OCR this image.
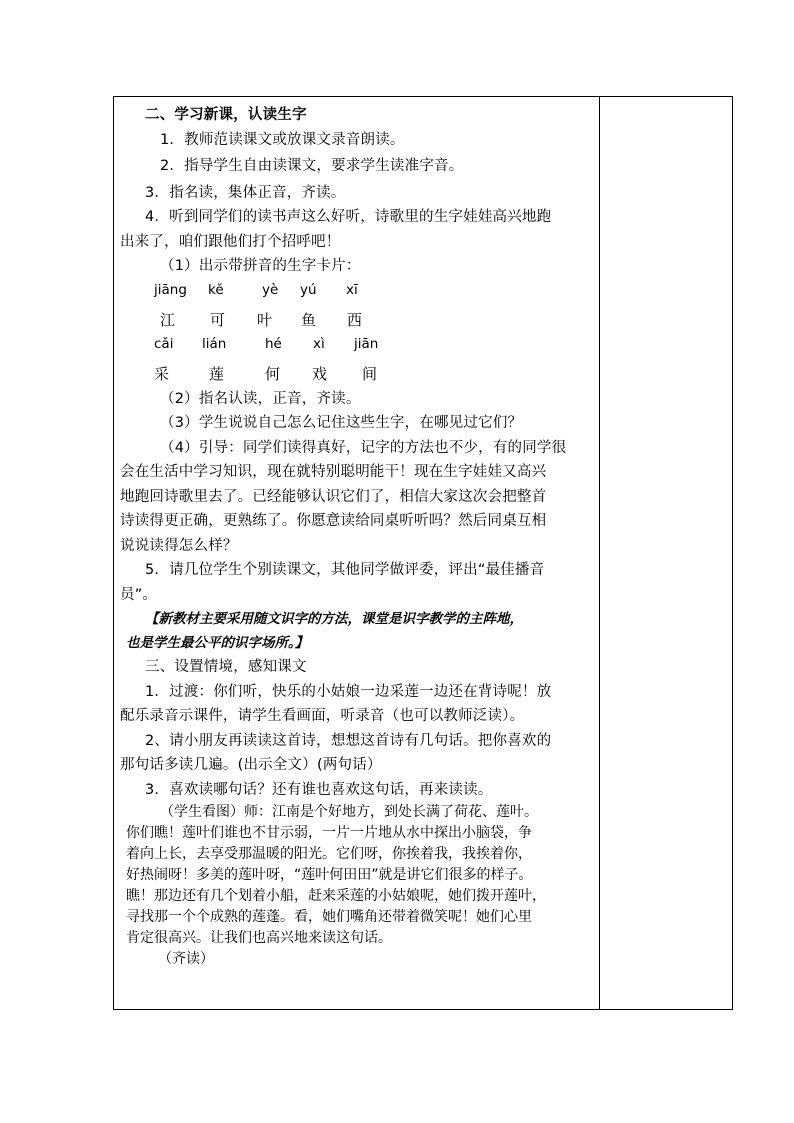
二、学习新课，认读生字
1．教师范读课文或放课文录音朗读。
2．指导学生自由读课文，要求学生读准字音。
3．指名读，集体正音，齐读。
4．听到同学们的读书声这么好听，诗歌里的生字娃娃高兴地跑
出来了，咱们跟他们打个招呼吧！
（1）出示带拼音的生字卡片：
jiāng kě	yè yú xī
江 可 叶 鱼 西
cǎi lián	hé xì jiān
采	莲	何 戏 间
（2）指名认读，正音，齐读。
（3）学生说说自己怎么记住这些生字，在哪见过它们？
（4）引导：同学们读得真好，记字的方法也不少，有的同学很
会在生活中学习知识，现在就特别聪明能干！现在生字娃娃又高兴
地跑回诗歌里去了。已经能够认识它们了，相信大家这次会把整首
诗读得更正确，更熟练了。你愿意读给同桌听听吗？然后同桌互相
说说读得怎么样？
5．请几位学生个别读课文，其他同学做评委，评出“最佳播音
员”。
【新教材主要采用随文识字的方法，课堂是识字教学的主阵地，
也是学生最公平的识字场所。】
三、设置情境，感知课文
1．过渡：你们听，快乐的小姑娘一边采莲一边还在背诗呢！放
配乐录音示课件，请学生看画面，听录音（也可以教师泛读）。
2、请小朋友再读读这首诗，想想这首诗有几句话。把你喜欢的
那句话多读几遍。(出示全文）(两句话）
3．喜欢读哪句话？还有谁也喜欢这句话，再来读读。
（学生看图）师：江南是个好地方，到处长满了荷花、莲叶。
你们瞧！莲叶们谁也不甘示弱，一片一片地从水中探出小脑袋，争
着向上长，去享受那温暖的阳光。它们呀，你挨着我，我挨着你，
好热闹呀！多美的莲叶呀，“莲叶何田田”就是讲它们很多的样子。
瞧！那边还有几个划着小船，赶来采莲的小姑娘呢，她们拨开莲叶，
寻找那一个个成熟的莲蓬。看，她们嘴角还带着微笑呢！她们心里
肯定很高兴。让我们也高兴地来读这句话。
（齐读）
